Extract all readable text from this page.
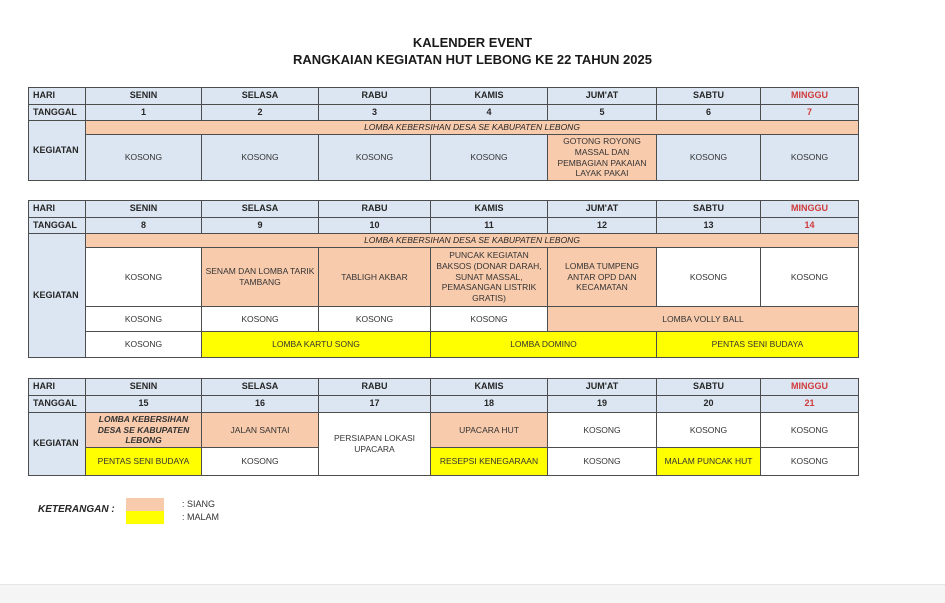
KALENDER EVENT
RANGKAIAN KEGIATAN HUT LEBONG KE 22 TAHUN 2025
HARI	SENIN	SELASA	RABU	KAMIS	JUM'AT	SABTU	MINGGU
TANGGAL	1	2	3	4	5	6	7
KEGIATAN	LOMBA KEBERSIHAN DESA SE KABUPATEN LEBONG						
	KOSONG	KOSONG	KOSONG	KOSONG	GOTONG ROYONG MASSAL DAN PEMBAGIAN PAKAIAN LAYAK PAKAI	KOSONG	KOSONG
HARI	SENIN	SELASA	RABU	KAMIS	JUM'AT	SABTU	MINGGU
TANGGAL	8	9	10	11	12	13	14
KEGIATAN	LOMBA KEBERSIHAN DESA SE KABUPATEN LEBONG						
	KOSONG	SENAM DAN LOMBA TARIK TAMBANG	TABLIGH AKBAR	PUNCAK KEGIATAN BAKSOS (DONAR DARAH, SUNAT MASSAL, PEMASANGAN LISTRIK GRATIS)	LOMBA TUMPENG ANTAR OPD DAN KECAMATAN	KOSONG	KOSONG
	KOSONG	KOSONG	KOSONG	KOSONG	LOMBA VOLLY BALL		
	KOSONG	LOMBA KARTU SONG		LOMBA DOMINO		PENTAS SENI BUDAYA	
HARI	SENIN	SELASA	RABU	KAMIS	JUM'AT	SABTU	MINGGU
TANGGAL	15	16	17	18	19	20	21
KEGIATAN	LOMBA KEBERSIHAN DESA SE KABUPATEN LEBONG	JALAN SANTAI	PERSIAPAN LOKASI UPACARA	UPACARA HUT	KOSONG	KOSONG	KOSONG
	PENTAS SENI BUDAYA	KOSONG		RESEPSI KENEGARAAN	KOSONG	MALAM PUNCAK HUT	KOSONG
KETERANGAN :	: SIANG
: MALAM
